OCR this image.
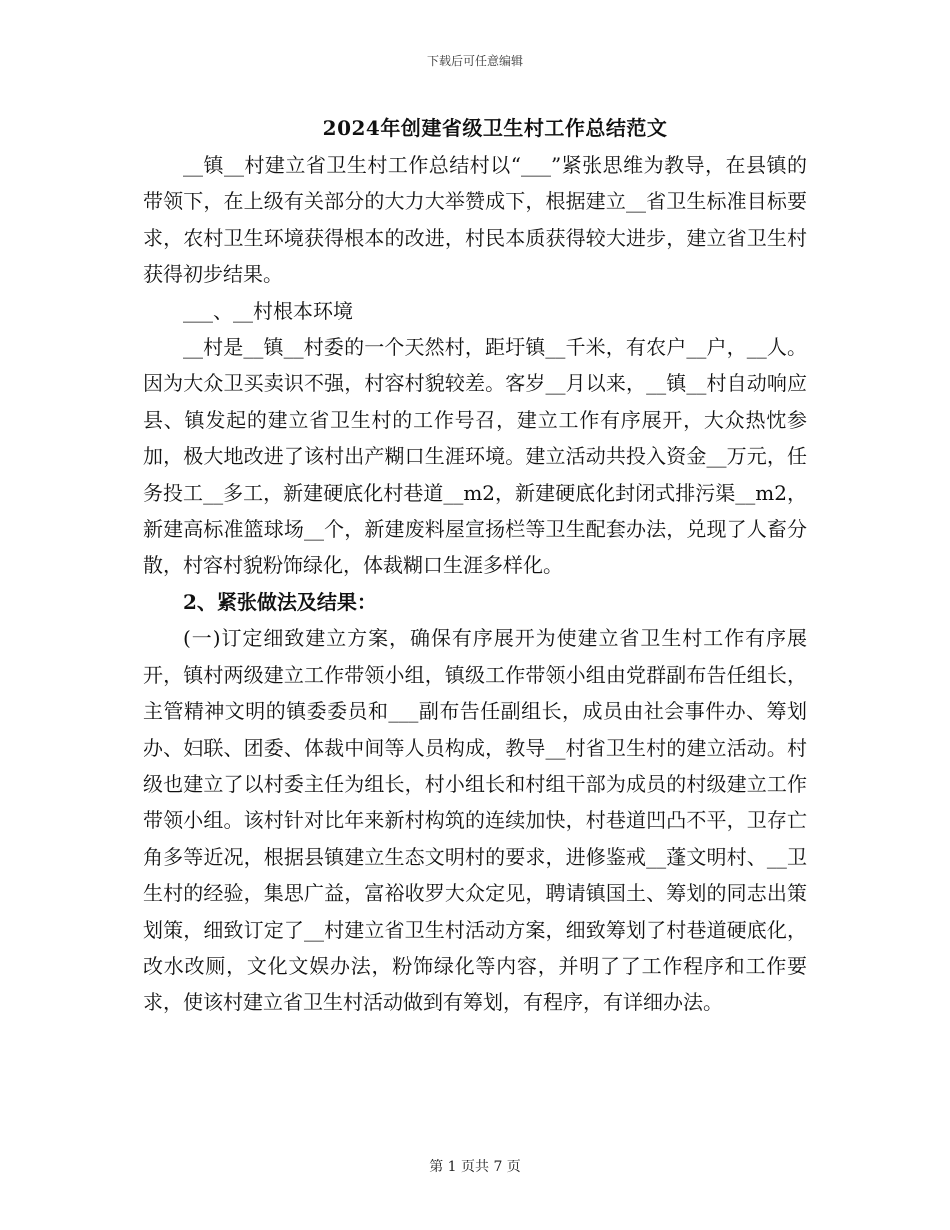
下载后可任意编辑
2024年创建省级卫生村工作总结范文

__镇__村建立省卫生村工作总结村以“___”紧张思维为教导，在县镇的带领下，在上级有关部分的大力大举赞成下，根据建立__省卫生标准目标要求，农村卫生环境获得根本的改进，村民本质获得较大进步，建立省卫生村获得初步结果。

___、__村根本环境

__村是__镇__村委的一个天然村，距圩镇__千米，有农户__户，__人。因为大众卫买卖识不强，村容村貌较差。客岁__月以来，__镇__村自动响应县、镇发起的建立省卫生村的工作号召，建立工作有序展开，大众热忱参加，极大地改进了该村出产糊口生涯环境。建立活动共投入资金__万元，任务投工__多工，新建硬底化村巷道__m2，新建硬底化封闭式排污渠__m2，新建高标准篮球场__个，新建废料屋宣扬栏等卫生配套办法，兑现了人畜分散，村容村貌粉饰绿化，体裁糊口生涯多样化。

2、紧张做法及结果：

(一)订定细致建立方案，确保有序展开为使建立省卫生村工作有序展开，镇村两级建立工作带领小组，镇级工作带领小组由党群副布告任组长，主管精神文明的镇委委员和___副布告任副组长，成员由社会事件办、筹划办、妇联、团委、体裁中间等人员构成，教导__村省卫生村的建立活动。村级也建立了以村委主任为组长，村小组长和村组干部为成员的村级建立工作带领小组。该村针对比年来新村构筑的连续加快，村巷道凹凸不平，卫存亡角多等近况，根据县镇建立生态文明村的要求，进修鉴戒__蓬文明村、__卫生村的经验，集思广益，富裕收罗大众定见，聘请镇国土、筹划的同志出策划策，细致订定了__村建立省卫生村活动方案，细致筹划了村巷道硬底化，改水改厕，文化文娱办法，粉饰绿化等内容，并明了了工作程序和工作要求，使该村建立省卫生村活动做到有筹划，有程序，有详细办法。

第 1 页共 7 页
